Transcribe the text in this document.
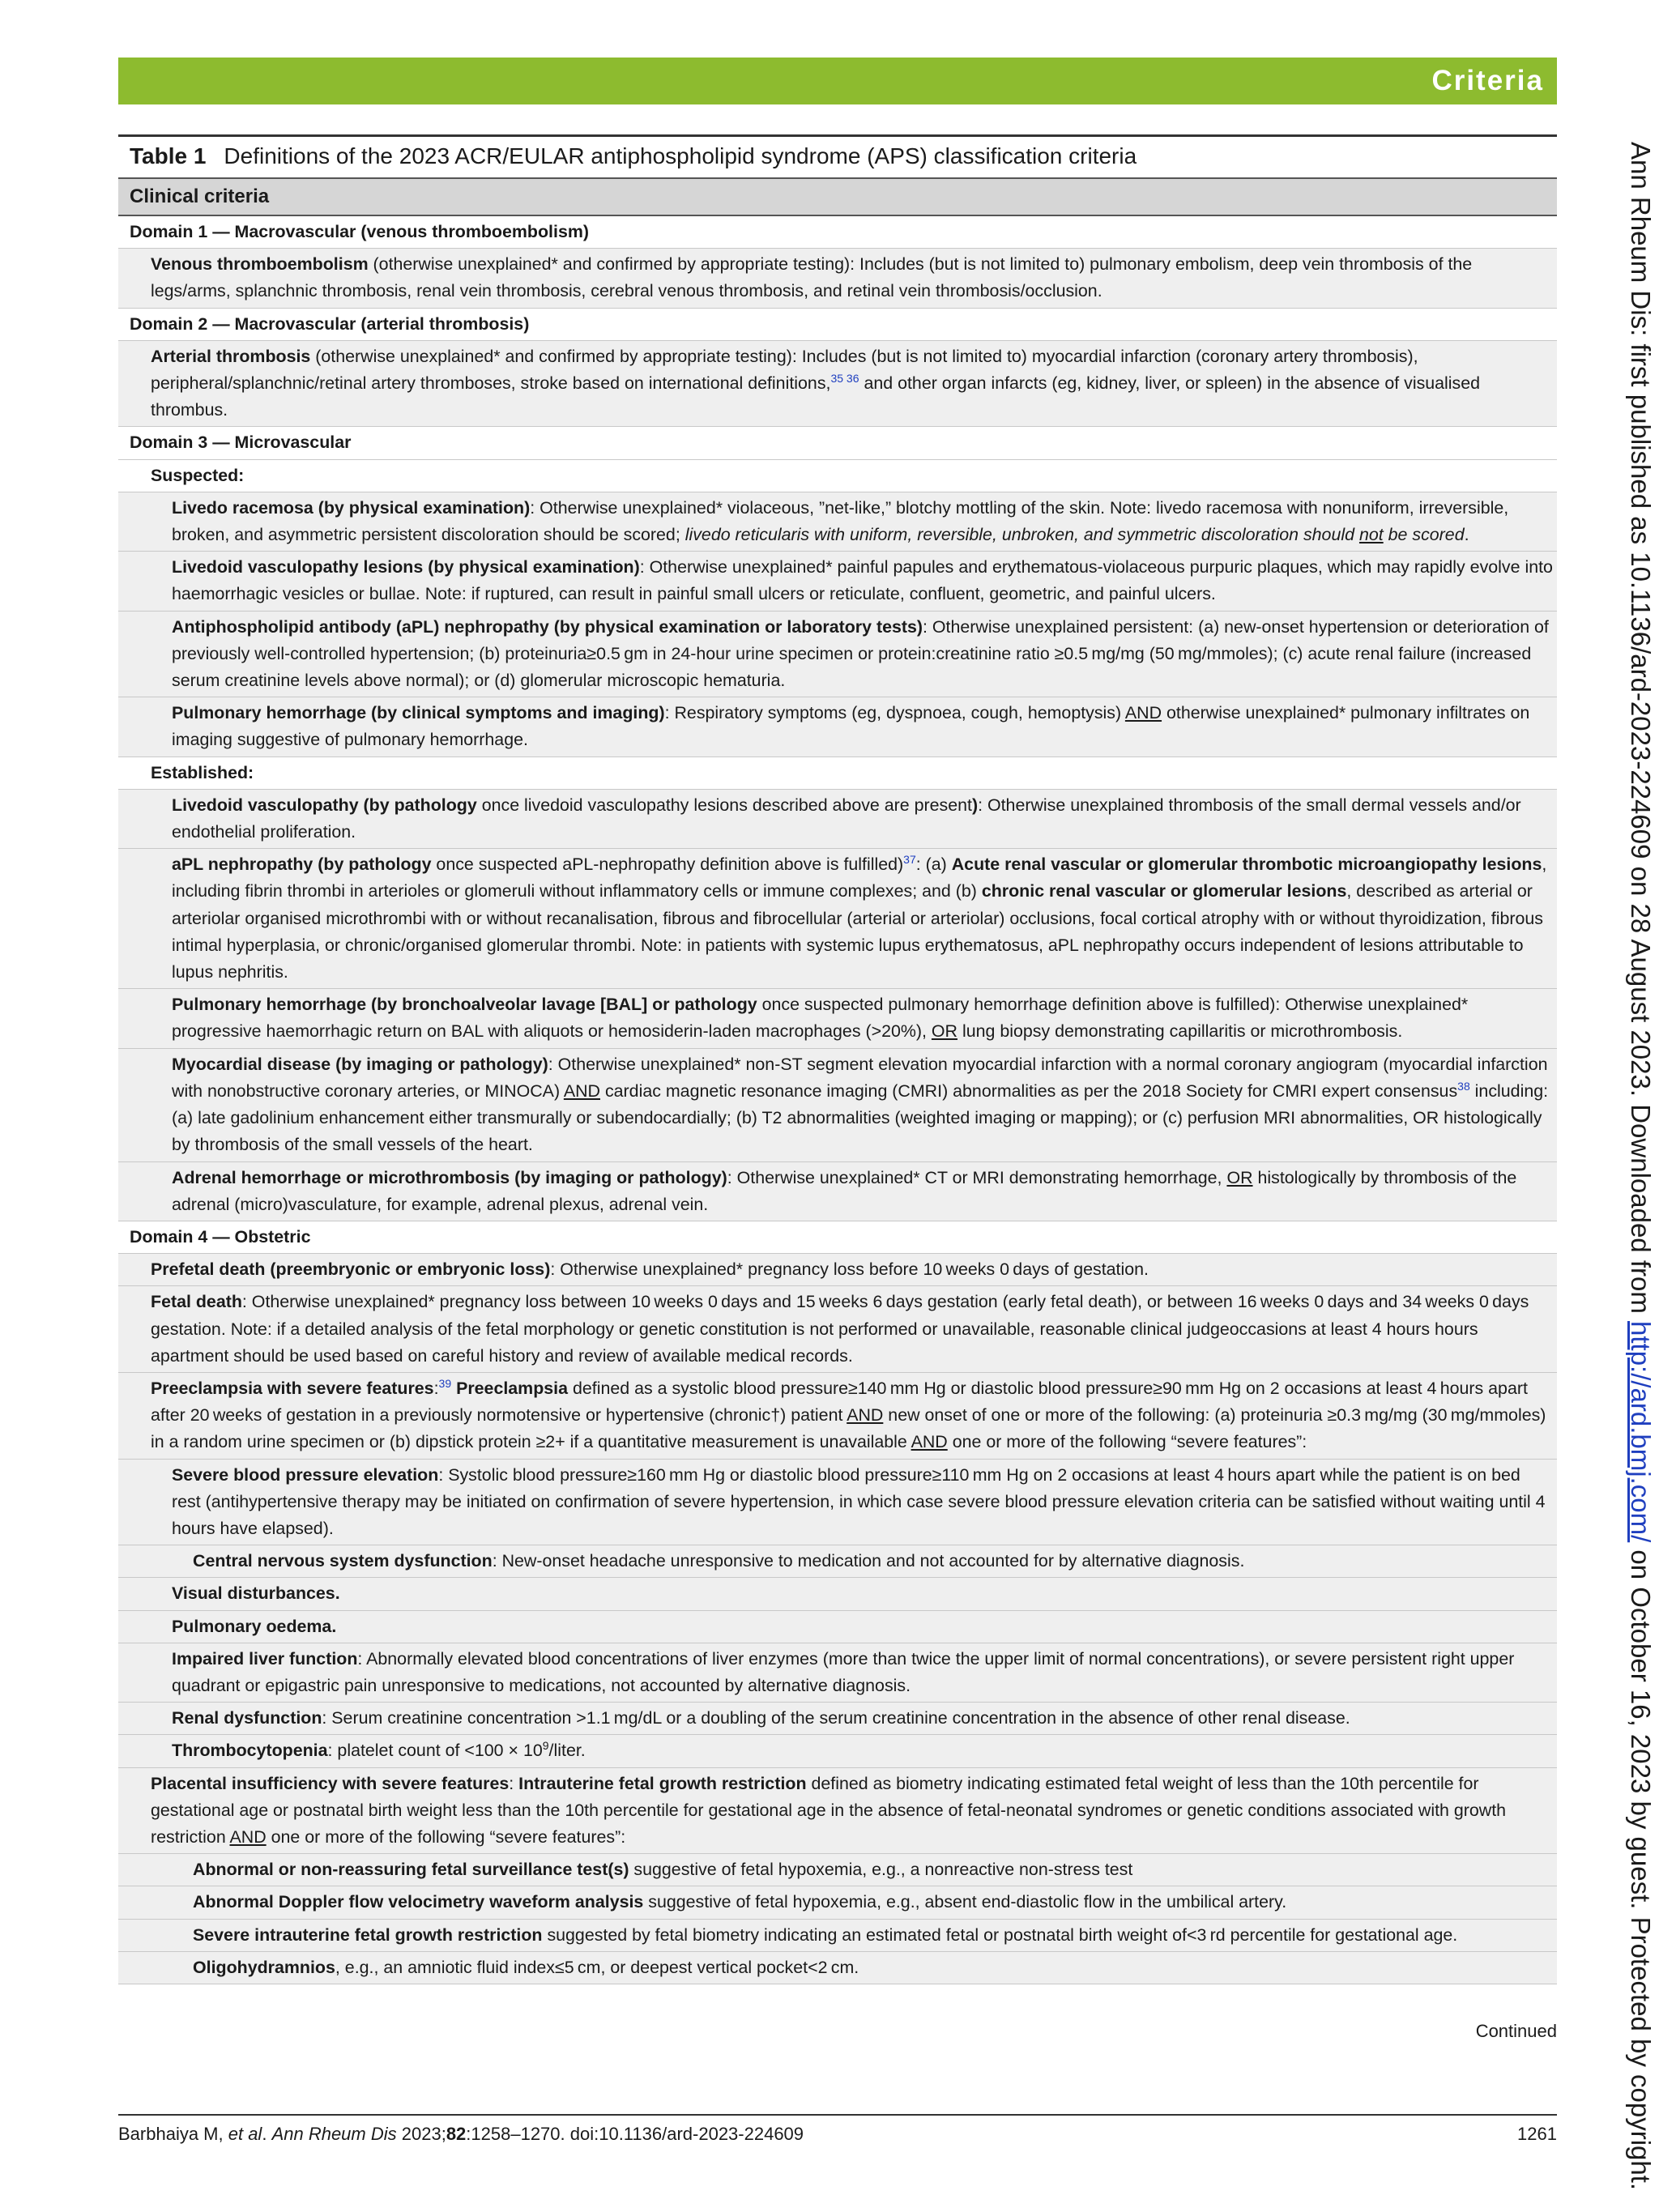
Criteria
Ann Rheum Dis: first published as 10.1136/ard-2023-224609 on 28 August 2023. Downloaded from http://ard.bmj.com/ on October 16, 2023 by guest. Protected by copyright.
Table 1 Definitions of the 2023 ACR/EULAR antiphospholipid syndrome (APS) classification criteria
Clinical criteria
Domain 1 — Macrovascular (venous thromboembolism)
Venous thromboembolism (otherwise unexplained* and confirmed by appropriate testing): Includes (but is not limited to) pulmonary embolism, deep vein thrombosis of the legs/arms, splanchnic thrombosis, renal vein thrombosis, cerebral venous thrombosis, and retinal vein thrombosis/occlusion.
Domain 2 — Macrovascular (arterial thrombosis)
Arterial thrombosis (otherwise unexplained* and confirmed by appropriate testing): Includes (but is not limited to) myocardial infarction (coronary artery thrombosis), peripheral/splanchnic/retinal artery thromboses, stroke based on international definitions,$^{35 36}$ and other organ infarcts (eg, kidney, liver, or spleen) in the absence of visualised thrombus.
Domain 3 — Microvascular
Suspected:
Livedo racemosa (by physical examination): Otherwise unexplained* violaceous, ”net-like,” blotchy mottling of the skin. Note: livedo racemosa with nonuniform, irreversible, broken, and asymmetric persistent discoloration should be scored; livedo reticularis with uniform, reversible, unbroken, and symmetric discoloration should not be scored.
Livedoid vasculopathy lesions (by physical examination): Otherwise unexplained* painful papules and erythematous-violaceous purpuric plaques, which may rapidly evolve into haemorrhagic vesicles or bullae. Note: if ruptured, can result in painful small ulcers or reticulate, confluent, geometric, and painful ulcers.
Antiphospholipid antibody (aPL) nephropathy (by physical examination or laboratory tests): Otherwise unexplained persistent: (a) new-onset hypertension or deterioration of previously well-controlled hypertension; (b) proteinuria≥0.5 gm in 24-hour urine specimen or protein:creatinine ratio ≥0.5 mg/mg (50 mg/mmoles); (c) acute renal failure (increased serum creatinine levels above normal); or (d) glomerular microscopic hematuria.
Pulmonary hemorrhage (by clinical symptoms and imaging): Respiratory symptoms (eg, dyspnoea, cough, hemoptysis) AND otherwise unexplained* pulmonary infiltrates on imaging suggestive of pulmonary hemorrhage.
Established:
Livedoid vasculopathy (by pathology once livedoid vasculopathy lesions described above are present): Otherwise unexplained thrombosis of the small dermal vessels and/or endothelial proliferation.
aPL nephropathy (by pathology once suspected aPL-nephropathy definition above is fulfilled)$^{37}$: (a) Acute renal vascular or glomerular thrombotic microangiopathy lesions, including fibrin thrombi in arterioles or glomeruli without inflammatory cells or immune complexes; and (b) chronic renal vascular or glomerular lesions, described as arterial or arteriolar organised microthrombi with or without recanalisation, fibrous and fibrocellular (arterial or arteriolar) occlusions, focal cortical atrophy with or without thyroidization, fibrous intimal hyperplasia, or chronic/organised glomerular thrombi. Note: in patients with systemic lupus erythematosus, aPL nephropathy occurs independent of lesions attributable to lupus nephritis.
Pulmonary hemorrhage (by bronchoalveolar lavage [BAL] or pathology once suspected pulmonary hemorrhage definition above is fulfilled): Otherwise unexplained* progressive haemorrhagic return on BAL with aliquots or hemosiderin-laden macrophages (>20%), OR lung biopsy demonstrating capillaritis or microthrombosis.
Myocardial disease (by imaging or pathology): Otherwise unexplained* non-ST segment elevation myocardial infarction with a normal coronary angiogram (myocardial infarction with nonobstructive coronary arteries, or MINOCA) AND cardiac magnetic resonance imaging (CMRI) abnormalities as per the 2018 Society for CMRI expert consensus$^{38}$ including: (a) late gadolinium enhancement either transmurally or subendocardially; (b) T2 abnormalities (weighted imaging or mapping); or (c) perfusion MRI abnormalities, OR histologically by thrombosis of the small vessels of the heart.
Adrenal hemorrhage or microthrombosis (by imaging or pathology): Otherwise unexplained* CT or MRI demonstrating hemorrhage, OR histologically by thrombosis of the adrenal (micro)vasculature, for example, adrenal plexus, adrenal vein.
Domain 4 — Obstetric
Prefetal death (preembryonic or embryonic loss): Otherwise unexplained* pregnancy loss before 10 weeks 0 days of gestation.
Fetal death: Otherwise unexplained* pregnancy loss between 10 weeks 0 days and 15 weeks 6 days gestation (early fetal death), or between 16 weeks 0 days and 34 weeks 0 days gestation. Note: if a detailed analysis of the fetal morphology or genetic constitution is not performed or unavailable, reasonable clinical judgeoccasions at least 4 hours hours apartment should be used based on careful history and review of available medical records.
Preeclampsia with severe features:$^{39}$ Preeclampsia defined as a systolic blood pressure≥140 mm Hg or diastolic blood pressure≥90 mm Hg on 2 occasions at least 4 hours apart after 20 weeks of gestation in a previously normotensive or hypertensive (chronic†) patient AND new onset of one or more of the following: (a) proteinuria ≥0.3 mg/mg (30 mg/mmoles) in a random urine specimen or (b) dipstick protein ≥2+ if a quantitative measurement is unavailable AND one or more of the following “severe features”:
Severe blood pressure elevation: Systolic blood pressure≥160 mm Hg or diastolic blood pressure≥110 mm Hg on 2 occasions at least 4 hours apart while the patient is on bed rest (antihypertensive therapy may be initiated on confirmation of severe hypertension, in which case severe blood pressure elevation criteria can be satisfied without waiting until 4 hours have elapsed).
Central nervous system dysfunction: New-onset headache unresponsive to medication and not accounted for by alternative diagnosis.
Visual disturbances.
Pulmonary oedema.
Impaired liver function: Abnormally elevated blood concentrations of liver enzymes (more than twice the upper limit of normal concentrations), or severe persistent right upper quadrant or epigastric pain unresponsive to medications, not accounted by alternative diagnosis.
Renal dysfunction: Serum creatinine concentration >1.1 mg/dL or a doubling of the serum creatinine concentration in the absence of other renal disease.
Thrombocytopenia: platelet count of $<100 \times 10^9$/liter.
Placental insufficiency with severe features: Intrauterine fetal growth restriction defined as biometry indicating estimated fetal weight of less than the 10th percentile for gestational age or postnatal birth weight less than the 10th percentile for gestational age in the absence of fetal-neonatal syndromes or genetic conditions associated with growth restriction AND one or more of the following “severe features”:
Abnormal or non-reassuring fetal surveillance test(s) suggestive of fetal hypoxemia, e.g., a nonreactive non-stress test
Abnormal Doppler flow velocimetry waveform analysis suggestive of fetal hypoxemia, e.g., absent end-diastolic flow in the umbilical artery.
Severe intrauterine fetal growth restriction suggested by fetal biometry indicating an estimated fetal or postnatal birth weight of<3 rd percentile for gestational age.
Oligohydramnios, e.g., an amniotic fluid index≤5 cm, or deepest vertical pocket<2 cm.
Continued
Barbhaiya M, et al. Ann Rheum Dis 2023;82:1258–1270. doi:10.1136/ard-2023-224609	1261
